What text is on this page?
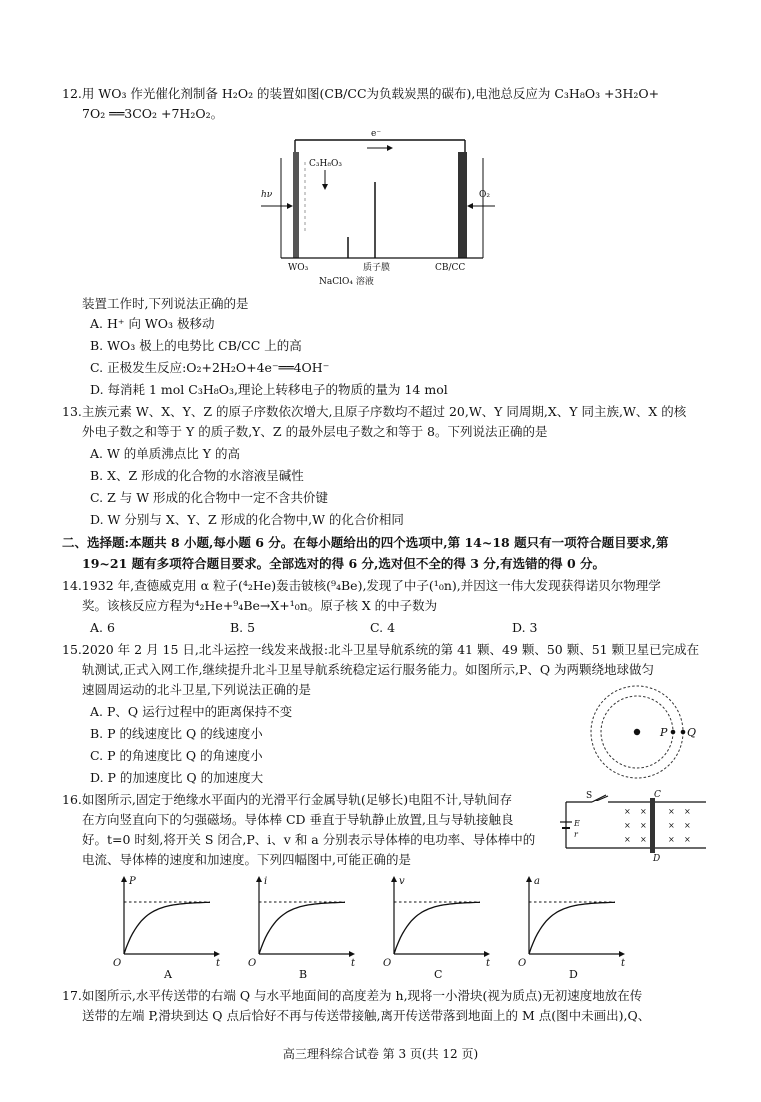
12.用 WO₃ 作光催化剂制备 H₂O₂ 的装置如图(CB/CC为负载炭黑的碳布),电池总反应为 C₃H₈O₃ +3H₂O+
7O₂ ══3CO₂ +7H₂O₂。
e⁻
C₃H₈O₃
hν	O₂
WO₃	质子膜
NaClO₄ 溶液
CB/CC
装置工作时,下列说法正确的是
A. H⁺ 向 WO₃ 极移动
B. WO₃ 极上的电势比 CB/CC 上的高
C. 正极发生反应:O₂+2H₂O+4e⁻══4OH⁻
D. 每消耗 1 mol C₃H₈O₃,理论上转移电子的物质的量为 14 mol
13.主族元素 W、X、Y、Z 的原子序数依次增大,且原子序数均不超过 20,W、Y 同周期,X、Y 同主族,W、X 的核
外电子数之和等于 Y 的质子数,Y、Z 的最外层电子数之和等于 8。下列说法正确的是
A. W 的单质沸点比 Y 的高
B. X、Z 形成的化合物的水溶液呈碱性
C. Z 与 W 形成的化合物中一定不含共价键
D. W 分别与 X、Y、Z 形成的化合物中,W 的化合价相同
二、选择题:本题共 8 小题,每小题 6 分。在每小题给出的四个选项中,第 14~18 题只有一项符合题目要求,第
19~21 题有多项符合题目要求。全部选对的得 6 分,选对但不全的得 3 分,有选错的得 0 分。
14.1932 年,查德威克用 α 粒子(⁴₂He)轰击铍核(⁹₄Be),发现了中子(¹₀n),并因这一伟大发现获得诺贝尔物理学
奖。该核反应方程为⁴₂He+⁹₄Be→X+¹₀n。原子核 X 的中子数为
A. 6	B. 5	C. 4	D. 3
15.2020 年 2 月 15 日,北斗运控一线发来战报:北斗卫星导航系统的第 41 颗、49 颗、50 颗、51 颗卫星已完成在
轨测试,正式入网工作,继续提升北斗卫星导航系统稳定运行服务能力。如图所示,P、Q 为两颗绕地球做匀
速圆周运动的北斗卫星,下列说法正确的是
A. P、Q 运行过程中的距离保持不变
B. P 的线速度比 Q 的线速度小
C. P 的角速度比 Q 的角速度小
D. P 的加速度比 Q 的加速度大
P Q
16.如图所示,固定于绝缘水平面内的光滑平行金属导轨(足够长)电阻不计,导轨间存
在方向竖直向下的匀强磁场。导体棒 CD 垂直于导轨静止放置,且与导轨接触良
好。t=0 时刻,将开关 S 闭合,P、i、v 和 a 分别表示导体棒的电功率、导体棒中的
电流、导体棒的速度和加速度。下列四幅图中,可能正确的是
S
E
r
C
D
× ×	× ×
× ×	× ×
× ×	× ×
P
O	t
A
i
O	t
B
v
O	t
C
a
O	t
D
17.如图所示,水平传送带的右端 Q 与水平地面间的高度差为 h,现将一小滑块(视为质点)无初速度地放在传
送带的左端 P,滑块到达 Q 点后恰好不再与传送带接触,离开传送带落到地面上的 M 点(图中未画出),Q、
高三理科综合试卷 第 3 页(共 12 页)
